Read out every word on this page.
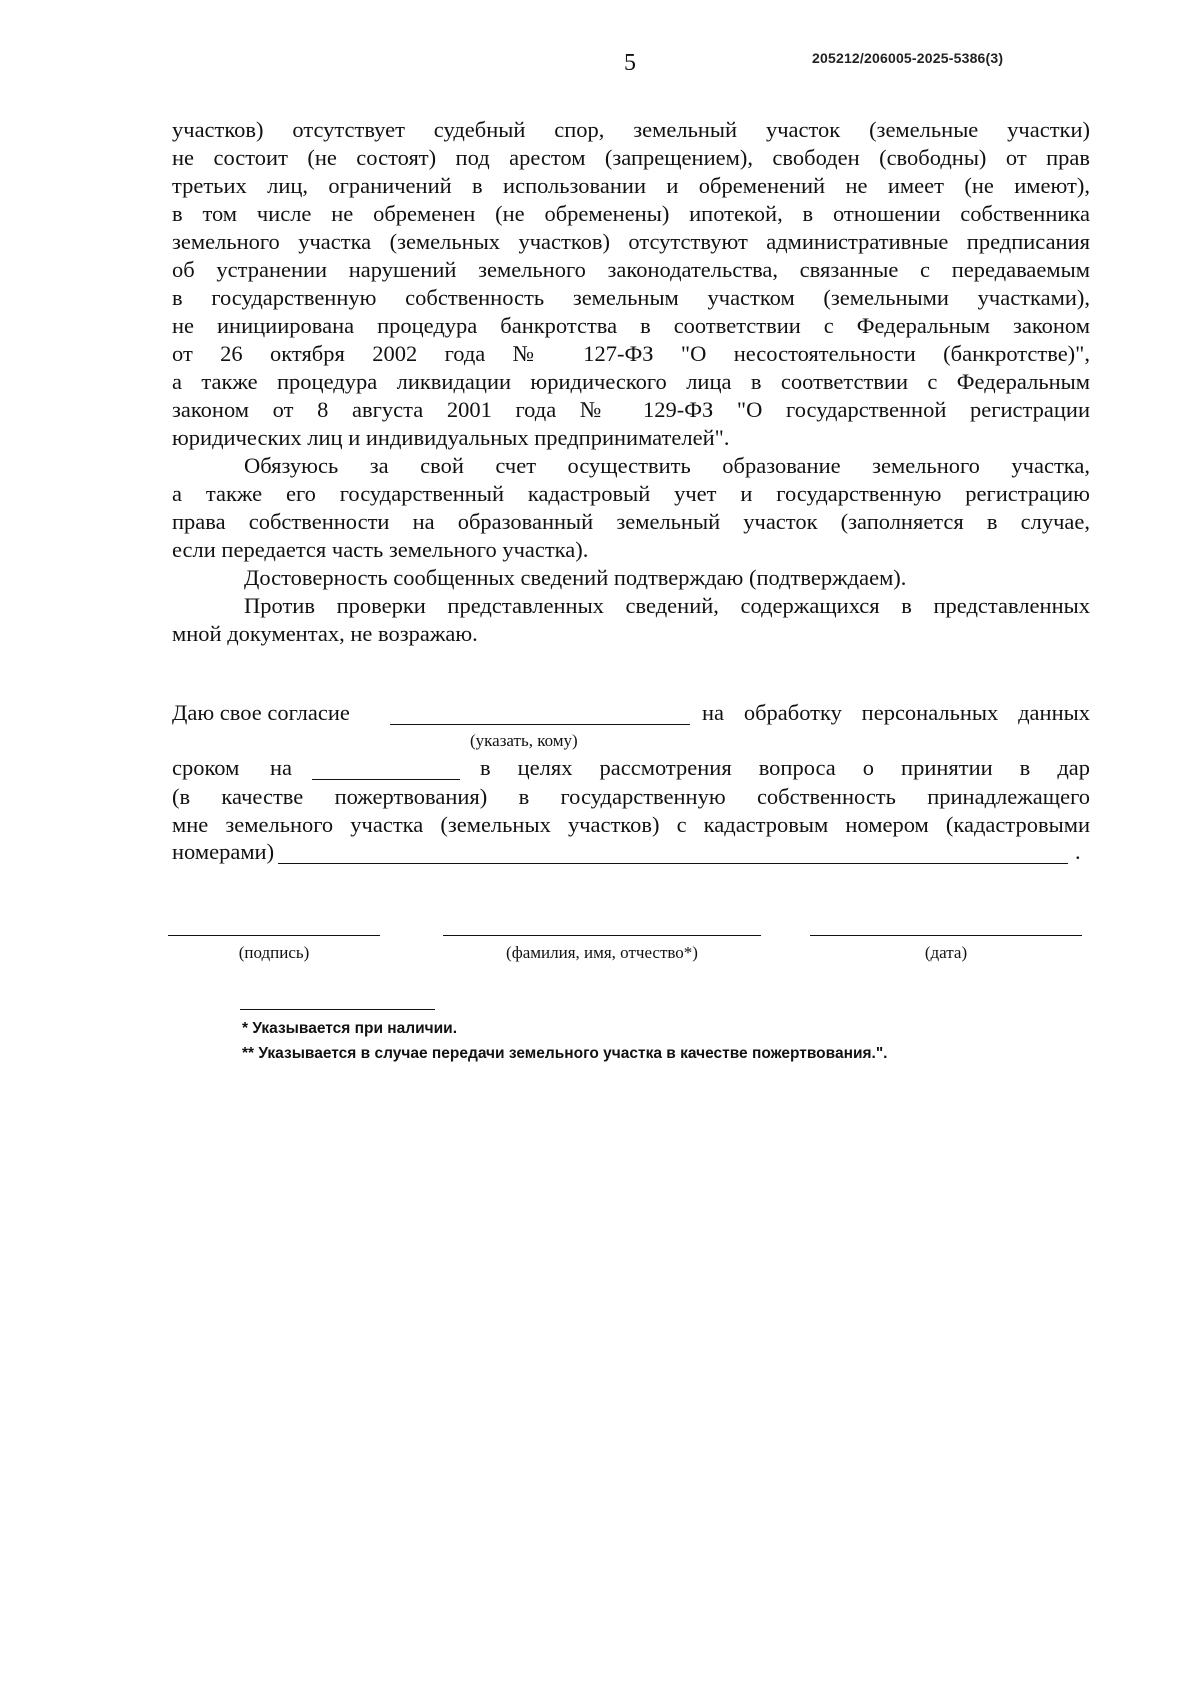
5	205212/206005-2025-5386(3)
участков) отсутствует судебный спор, земельный участок (земельные участки)
не состоит (не состоят) под арестом (запрещением), свободен (свободны) от прав
третьих лиц, ограничений в использовании и обременений не имеет (не имеют),
в том числе не обременен (не обременены) ипотекой, в отношении собственника
земельного участка (земельных участков) отсутствуют административные предписания
об устранении нарушений земельного законодательства, связанные с передаваемым
в государственную собственность земельным участком (земельными участками),
не инициирована процедура банкротства в соответствии с Федеральным законом
от 26 октября 2002 года № 127-ФЗ "О несостоятельности (банкротстве)",
а также процедура ликвидации юридического лица в соответствии с Федеральным
законом от 8 августа 2001 года № 129-ФЗ "О государственной регистрации
юридических лиц и индивидуальных предпринимателей".
Обязуюсь за свой счет осуществить образование земельного участка,
а также его государственный кадастровый учет и государственную регистрацию
права собственности на образованный земельный участок (заполняется в случае,
если передается часть земельного участка).
Достоверность сообщенных сведений подтверждаю (подтверждаем).
Против проверки представленных сведений, содержащихся в представленных
мной документах, не возражаю.
Даю свое согласие	на обработку персональных данных
(указать, кому)
сроком на	в целях рассмотрения вопроса о принятии в дар
(в качестве пожертвования) в государственную собственность принадлежащего
мне земельного участка (земельных участков) с кадастровым номером (кадастровыми
номерами)	.
(подпись)	(фамилия, имя, отчество*)	(дата)
* Указывается при наличии.
** Указывается в случае передачи земельного участка в качестве пожертвования.".
